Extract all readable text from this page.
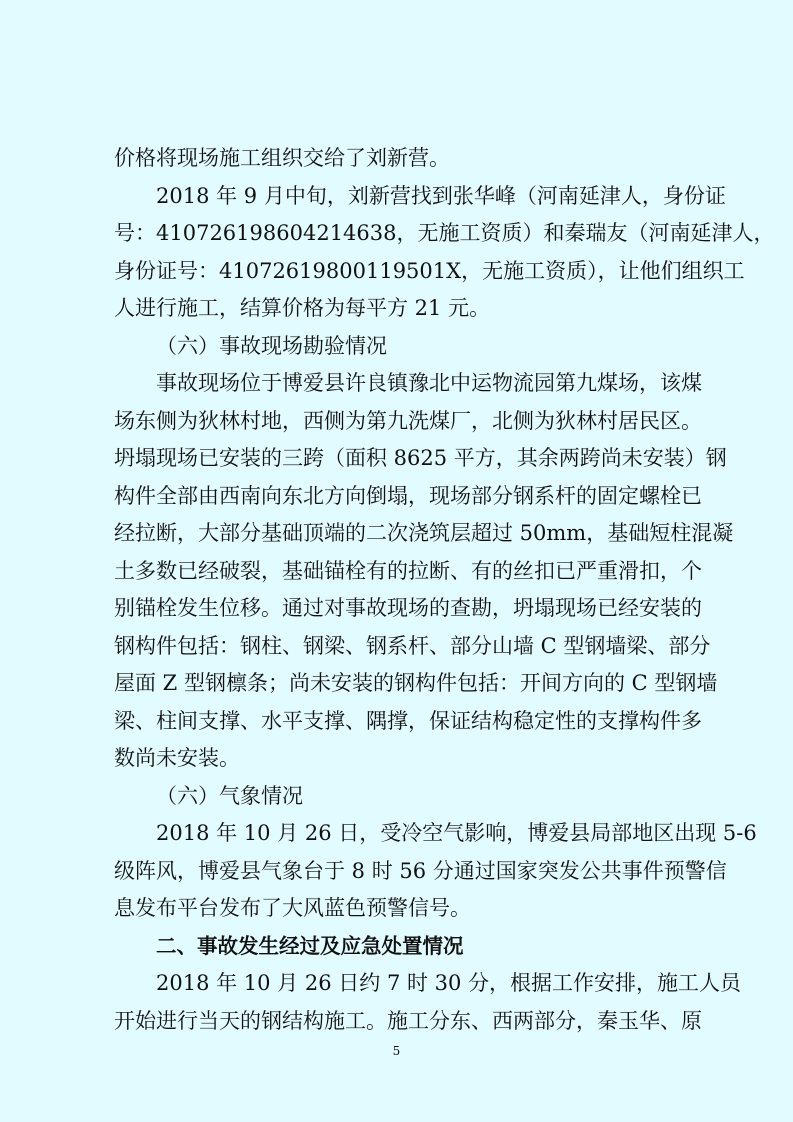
价格将现场施工组织交给了刘新营。
2018 年 9 月中旬，刘新营找到张华峰（河南延津人，身份证
号：410726198604214638，无施工资质）和秦瑞友（河南延津人，
身份证号：41072619800119501X，无施工资质），让他们组织工
人进行施工，结算价格为每平方 21 元。
（六）事故现场勘验情况
事故现场位于博爱县许良镇豫北中运物流园第九煤场，该煤
场东侧为狄林村地，西侧为第九洗煤厂，北侧为狄林村居民区。
坍塌现场已安装的三跨（面积 8625 平方，其余两跨尚未安装）钢
构件全部由西南向东北方向倒塌，现场部分钢系杆的固定螺栓已
经拉断，大部分基础顶端的二次浇筑层超过 50mm，基础短柱混凝
土多数已经破裂，基础锚栓有的拉断、有的丝扣已严重滑扣，个
别锚栓发生位移。通过对事故现场的查勘，坍塌现场已经安装的
钢构件包括：钢柱、钢梁、钢系杆、部分山墙 C 型钢墙梁、部分
屋面 Z 型钢檩条；尚未安装的钢构件包括：开间方向的 C 型钢墙
梁、柱间支撑、水平支撑、隅撑，保证结构稳定性的支撑构件多
数尚未安装。
（六）气象情况
2018 年 10 月 26 日，受冷空气影响，博爱县局部地区出现 5-6
级阵风，博爱县气象台于 8 时 56 分通过国家突发公共事件预警信
息发布平台发布了大风蓝色预警信号。
二、事故发生经过及应急处置情况
2018 年 10 月 26 日约 7 时 30 分，根据工作安排，施工人员
开始进行当天的钢结构施工。施工分东、西两部分，秦玉华、原
5
